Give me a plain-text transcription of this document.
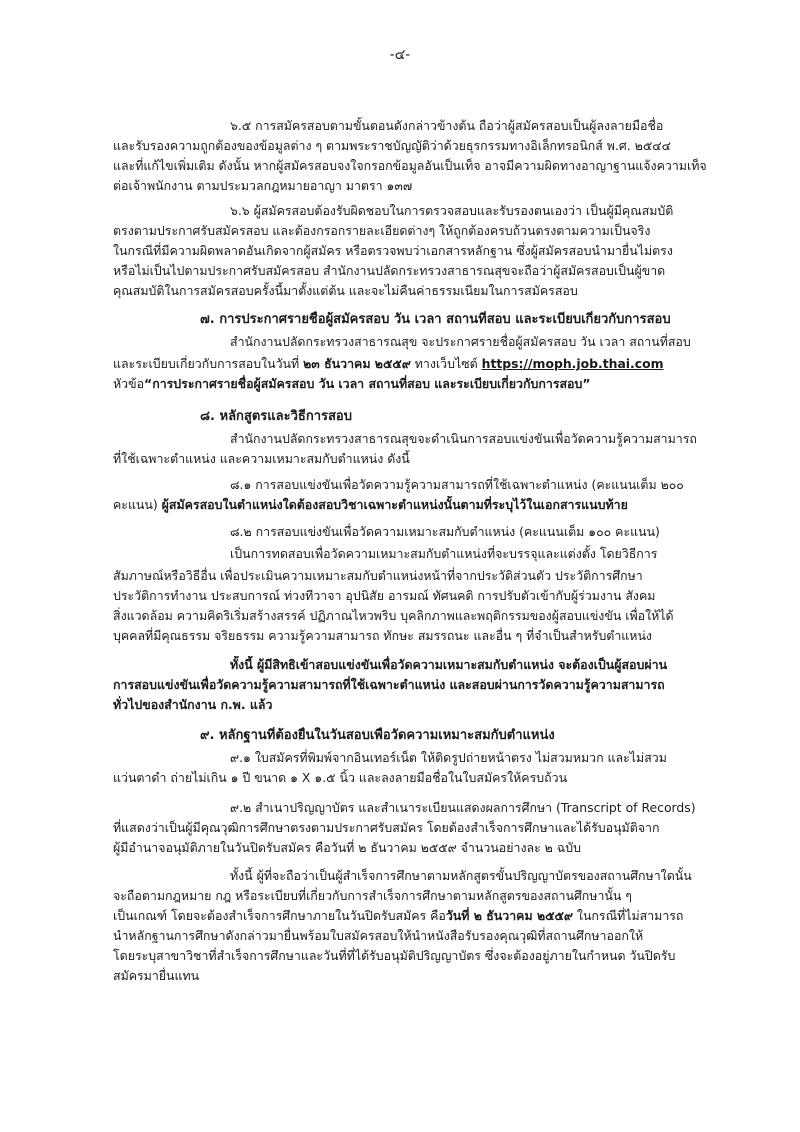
-๔-
๖.๕ การสมัครสอบตามขั้นตอนดังกล่าวข้างต้น ถือว่าผู้สมัครสอบเป็นผู้ลงลายมือชื่อ
และรับรองความถูกต้องของข้อมูลต่าง ๆ ตามพระราชบัญญัติว่าด้วยธุรกรรมทางอิเล็กทรอนิกส์ พ.ศ. ๒๕๔๔
และที่แก้ไขเพิ่มเติม ดังนั้น หากผู้สมัครสอบจงใจกรอกข้อมูลอันเป็นเท็จ อาจมีความผิดทางอาญาฐานแจ้งความเท็จ
ต่อเจ้าพนักงาน ตามประมวลกฎหมายอาญา มาตรา ๑๓๗
๖.๖ ผู้สมัครสอบต้องรับผิดชอบในการตรวจสอบและรับรองตนเองว่า เป็นผู้มีคุณสมบัติ
ตรงตามประกาศรับสมัครสอบ และต้องกรอกรายละเอียดต่างๆ ให้ถูกต้องครบถ้วนตรงตามความเป็นจริง
ในกรณีที่มีความผิดพลาดอันเกิดจากผู้สมัคร หรือตรวจพบว่าเอกสารหลักฐาน ซึ่งผู้สมัครสอบนำมายื่นไม่ตรง
หรือไม่เป็นไปตามประกาศรับสมัครสอบ สำนักงานปลัดกระทรวงสาธารณสุขจะถือว่าผู้สมัครสอบเป็นผู้ขาด
คุณสมบัติในการสมัครสอบครั้งนี้มาตั้งแต่ต้น และจะไม่คืนค่าธรรมเนียมในการสมัครสอบ
๗. การประกาศรายชื่อผู้สมัครสอบ วัน เวลา สถานที่สอบ และระเบียบเกี่ยวกับการสอบ
สำนักงานปลัดกระทรวงสาธารณสุข จะประกาศรายชื่อผู้สมัครสอบ วัน เวลา สถานที่สอบ
และระเบียบเกี่ยวกับการสอบในวันที่ ๒๓ ธันวาคม ๒๕๕๙ ทางเว็บไซต์ https://moph.job.thai.com
หัวข้อ“การประกาศรายชื่อผู้สมัครสอบ วัน เวลา สถานที่สอบ และระเบียบเกี่ยวกับการสอบ”
๘. หลักสูตรและวิธีการสอบ
สำนักงานปลัดกระทรวงสาธารณสุขจะดำเนินการสอบแข่งขันเพื่อวัดความรู้ความสามารถ
ที่ใช้เฉพาะตำแหน่ง และความเหมาะสมกับตำแหน่ง ดังนี้
๘.๑ การสอบแข่งขันเพื่อวัดความรู้ความสามารถที่ใช้เฉพาะตำแหน่ง (คะแนนเต็ม ๒๐๐
คะแนน) ผู้สมัครสอบในตำแหน่งใดต้องสอบวิชาเฉพาะตำแหน่งนั้นตามที่ระบุไว้ในเอกสารแนบท้าย
๘.๒ การสอบแข่งขันเพื่อวัดความเหมาะสมกับตำแหน่ง (คะแนนเต็ม ๑๐๐ คะแนน)
เป็นการทดสอบเพื่อวัดความเหมาะสมกับตำแหน่งที่จะบรรจุและแต่งตั้ง โดยวิธีการ
สัมภาษณ์หรือวิธีอื่น เพื่อประเมินความเหมาะสมกับตำแหน่งหน้าที่จากประวัติส่วนตัว ประวัติการศึกษา
ประวัติการทำงาน ประสบการณ์ ท่วงทีวาจา อุปนิสัย อารมณ์ ทัศนคติ การปรับตัวเข้ากับผู้ร่วมงาน สังคม
สิ่งแวดล้อม ความคิดริเริ่มสร้างสรรค์ ปฏิภาณไหวพริบ บุคลิกภาพและพฤติกรรมของผู้สอบแข่งขัน เพื่อให้ได้
บุคคลที่มีคุณธรรม จริยธรรม ความรู้ความสามารถ ทักษะ สมรรถนะ และอื่น ๆ ที่จำเป็นสำหรับตำแหน่ง
ทั้งนี้ ผู้มีสิทธิเข้าสอบแข่งขันเพื่อวัดความเหมาะสมกับตำแหน่ง จะต้องเป็นผู้สอบผ่าน
การสอบแข่งขันเพื่อวัดความรู้ความสามารถที่ใช้เฉพาะตำแหน่ง และสอบผ่านการวัดความรู้ความสามารถ
ทั่วไปของสำนักงาน ก.พ. แล้ว
๙. หลักฐานที่ต้องยื่นในวันสอบเพื่อวัดความเหมาะสมกับตำแหน่ง
๙.๑ ใบสมัครที่พิมพ์จากอินเทอร์เน็ต ให้ติดรูปถ่ายหน้าตรง ไม่สวมหมวก และไม่สวม
แว่นตาดำ ถ่ายไม่เกิน ๑ ปี ขนาด ๑ X ๑.๕ นิ้ว และลงลายมือชื่อในใบสมัครให้ครบถ้วน
๙.๒ สำเนาปริญญาบัตร และสำเนาระเบียนแสดงผลการศึกษา (Transcript of Records)
ที่แสดงว่าเป็นผู้มีคุณวุฒิการศึกษาตรงตามประกาศรับสมัคร โดยต้องสำเร็จการศึกษาและได้รับอนุมัติจาก
ผู้มีอำนาจอนุมัติภายในวันปิดรับสมัคร คือวันที่ ๒ ธันวาคม ๒๕๕๙ จำนวนอย่างละ ๒ ฉบับ
ทั้งนี้ ผู้ที่จะถือว่าเป็นผู้สำเร็จการศึกษาตามหลักสูตรขั้นปริญญาบัตรของสถานศึกษาใดนั้น
จะถือตามกฎหมาย กฎ หรือระเบียบที่เกี่ยวกับการสำเร็จการศึกษาตามหลักสูตรของสถานศึกษานั้น ๆ
เป็นเกณฑ์ โดยจะต้องสำเร็จการศึกษาภายในวันปิดรับสมัคร คือวันที่ ๒ ธันวาคม ๒๕๕๙ ในกรณีที่ไม่สามารถ
นำหลักฐานการศึกษาดังกล่าวมายื่นพร้อมใบสมัครสอบให้นำหนังสือรับรองคุณวุฒิที่สถานศึกษาออกให้
โดยระบุสาขาวิชาที่สำเร็จการศึกษาและวันที่ที่ได้รับอนุมัติปริญญาบัตร ซึ่งจะต้องอยู่ภายในกำหนด วันปิดรับ
สมัครมายื่นแทน
